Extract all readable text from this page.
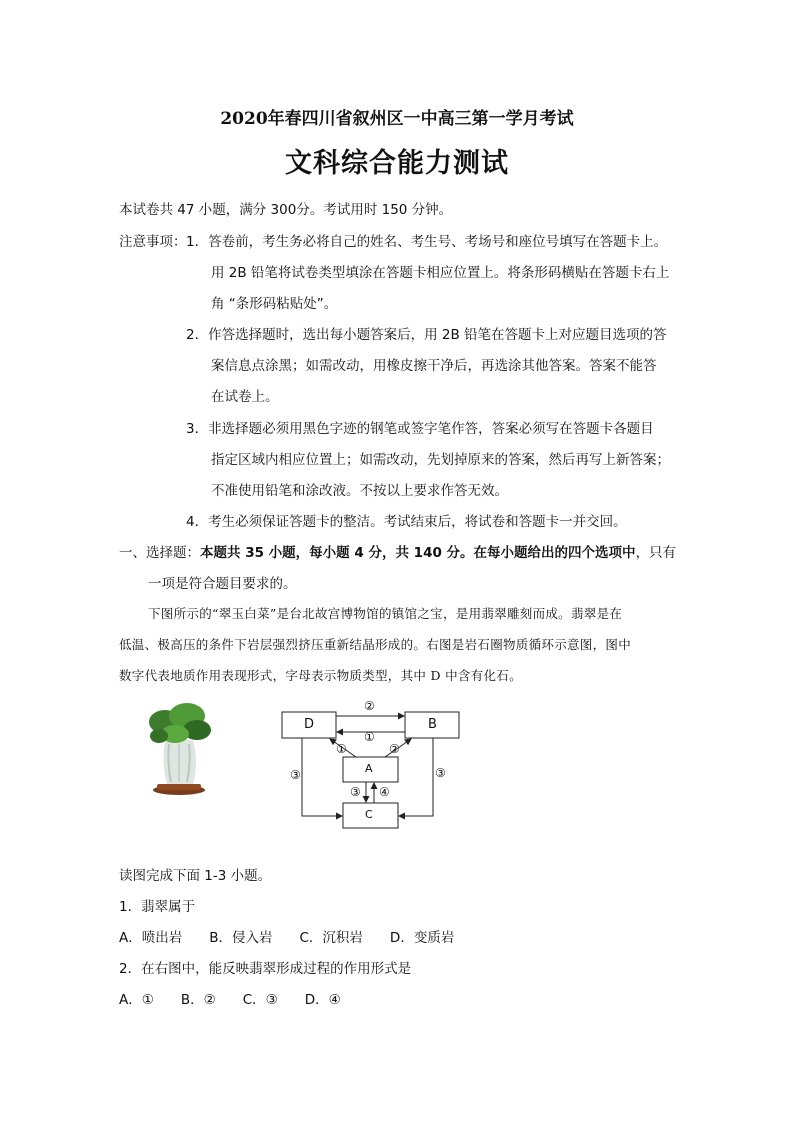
2020年春四川省叙州区一中高三第一学月考试
文科综合能力测试
本试卷共 47 小题，满分 300分。考试用时 150 分钟。
注意事项： 1．答卷前，考生务必将自己的姓名、考生号、考场号和座位号填写在答题卡上。
用 2B 铅笔将试卷类型填涂在答题卡相应位置上。将条形码横贴在答题卡右上
角 “条形码粘贴处”。
2．作答选择题时，选出每小题答案后，用 2B 铅笔在答题卡上对应题目选项的答
案信息点涂黑；如需改动，用橡皮擦干净后，再选涂其他答案。答案不能答
在试卷上。
3．非选择题必须用黑色字迹的钢笔或签字笔作答，答案必须写在答题卡各题目
指定区域内相应位置上；如需改动，先划掉原来的答案，然后再写上新答案；
不准使用铅笔和涂改液。不按以上要求作答无效。
4．考生必须保证答题卡的整洁。考试结束后，将试卷和答题卡一并交回。
一、选择题：本题共 35 小题，每小题 4 分，共 140 分。在每小题给出的四个选项中，只有
一项是符合题目要求的。
下图所示的“翠玉白菜”是台北故宫博物馆的镇馆之宝，是用翡翠雕刻而成。翡翠是在
低温、极高压的条件下岩层强烈挤压重新结晶形成的。右图是岩石圈物质循环示意图，图中
数字代表地质作用表现形式，字母表示物质类型，其中 D 中含有化石。
D	B
A
C
②
①
①	②
③	③
③ ④
读图完成下面 1-3 小题。
1．翡翠属于
A．喷出岩　　B．侵入岩　　C．沉积岩　　D．变质岩
2．在右图中，能反映翡翠形成过程的作用形式是
A．①　　B．②　　C．③　　D．④
